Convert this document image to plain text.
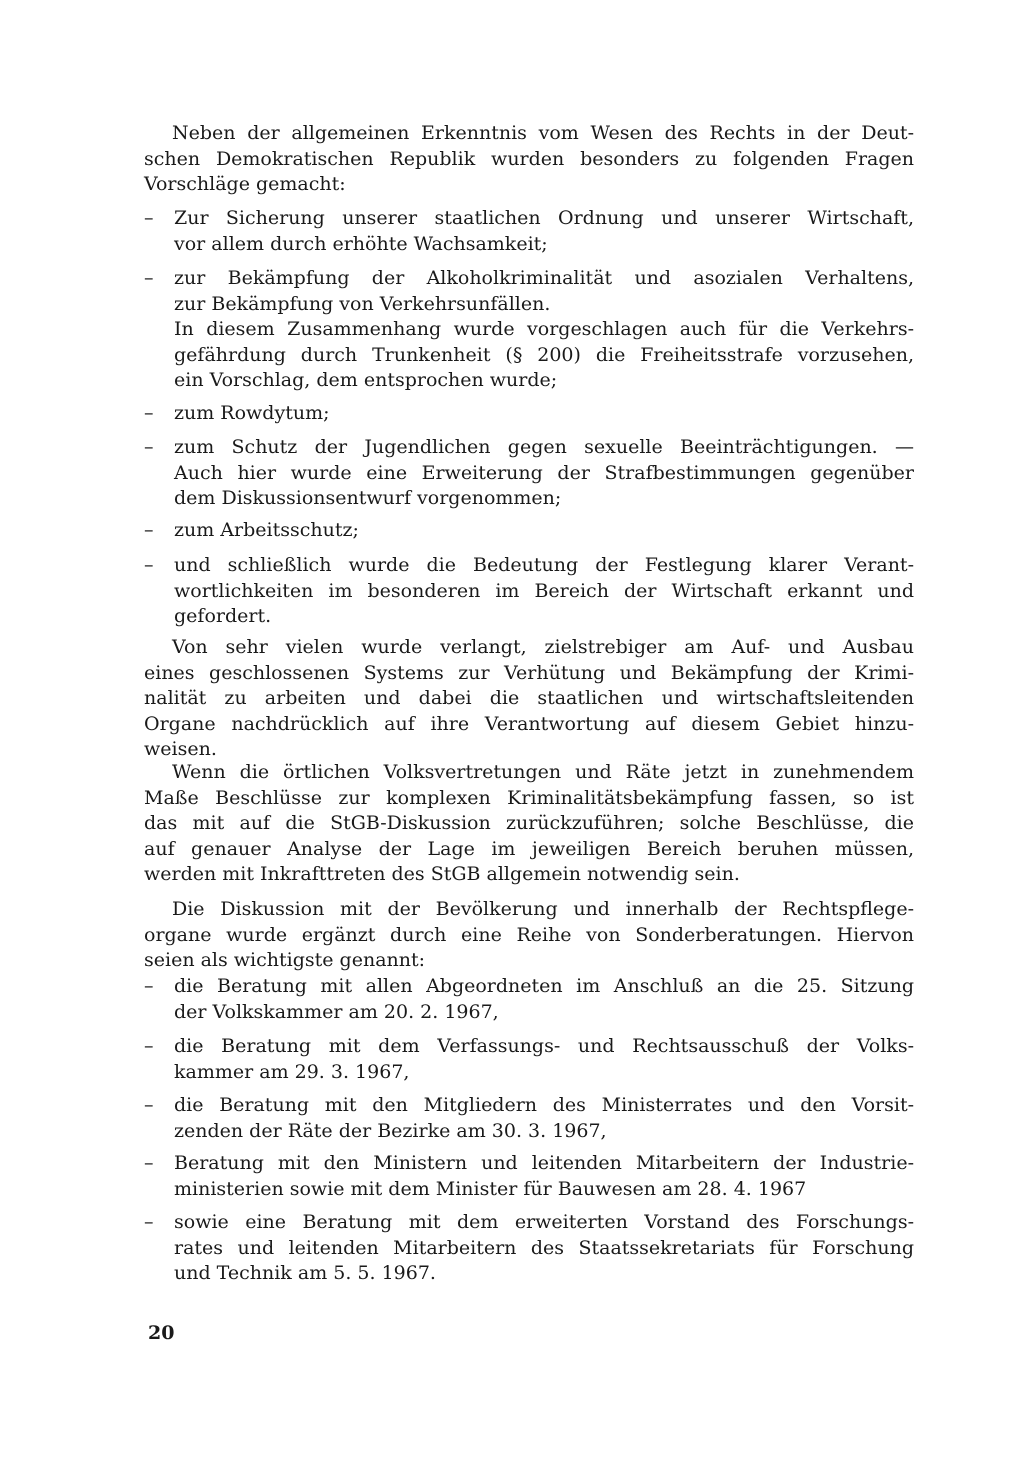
Neben der allgemeinen Erkenntnis vom Wesen des Rechts in der Deut-
schen Demokratischen Republik wurden besonders zu folgenden Fragen
Vorschläge gemacht:
– Zur Sicherung unserer staatlichen Ordnung und unserer Wirtschaft,
vor allem durch erhöhte Wachsamkeit;
– zur Bekämpfung der Alkoholkriminalität und asozialen Verhaltens,
zur Bekämpfung von Verkehrsunfällen.
In diesem Zusammenhang wurde vorgeschlagen auch für die Verkehrs-
gefährdung durch Trunkenheit (§ 200) die Freiheitsstrafe vorzusehen,
ein Vorschlag, dem entsprochen wurde;
– zum Rowdytum;
– zum Schutz der Jugendlichen gegen sexuelle Beeinträchtigungen. —
Auch hier wurde eine Erweiterung der Strafbestimmungen gegenüber
dem Diskussionsentwurf vorgenommen;
– zum Arbeitsschutz;
– und schließlich wurde die Bedeutung der Festlegung klarer Verant-
wortlichkeiten im besonderen im Bereich der Wirtschaft erkannt und
gefordert.
Von sehr vielen wurde verlangt, zielstrebiger am Auf- und Ausbau
eines geschlossenen Systems zur Verhütung und Bekämpfung der Krimi-
nalität zu arbeiten und dabei die staatlichen und wirtschaftsleitenden
Organe nachdrücklich auf ihre Verantwortung auf diesem Gebiet hinzu-
weisen.
Wenn die örtlichen Volksvertretungen und Räte jetzt in zunehmendem
Maße Beschlüsse zur komplexen Kriminalitätsbekämpfung fassen, so ist
das mit auf die StGB-Diskussion zurückzuführen; solche Beschlüsse, die
auf genauer Analyse der Lage im jeweiligen Bereich beruhen müssen,
werden mit Inkrafttreten des StGB allgemein notwendig sein.
Die Diskussion mit der Bevölkerung und innerhalb der Rechtspflege-
organe wurde ergänzt durch eine Reihe von Sonderberatungen. Hiervon
seien als wichtigste genannt:
– die Beratung mit allen Abgeordneten im Anschluß an die 25. Sitzung
der Volkskammer am 20. 2. 1967,
– die Beratung mit dem Verfassungs- und Rechtsausschuß der Volks-
kammer am 29. 3. 1967,
– die Beratung mit den Mitgliedern des Ministerrates und den Vorsit-
zenden der Räte der Bezirke am 30. 3. 1967,
– Beratung mit den Ministern und leitenden Mitarbeitern der Industrie-
ministerien sowie mit dem Minister für Bauwesen am 28. 4. 1967
– sowie eine Beratung mit dem erweiterten Vorstand des Forschungs-
rates und leitenden Mitarbeitern des Staatssekretariats für Forschung
und Technik am 5. 5. 1967.
20
